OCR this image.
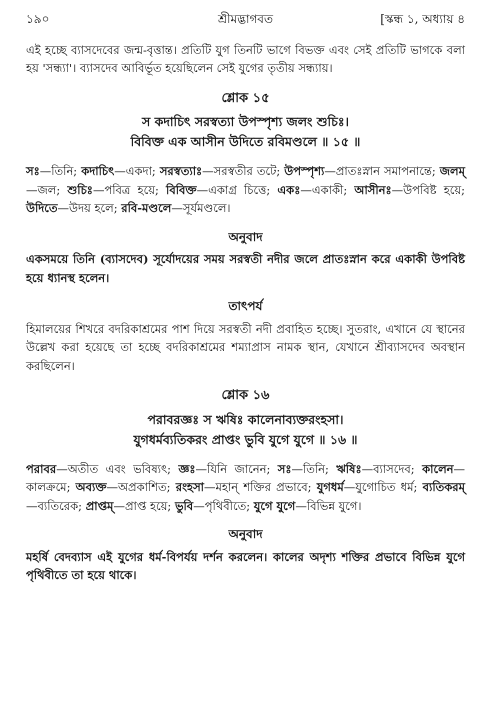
১৯০	শ্রীমদ্ভাগবত	[স্কন্ধ ১, অধ্যায় ৪

এই হচ্ছে ব্যাসদেবের জন্ম-বৃত্তান্ত। প্রতিটি যুগ তিনটি ভাগে বিভক্ত এবং সেই প্রতিটি ভাগকে বলা হয় 'সন্ধ্যা'। ব্যাসদেব আবির্ভূত হয়েছিলেন সেই যুগের তৃতীয় সন্ধ্যায়।

শ্লোক ১৫
স কদাচিৎ সরস্বত্যা উপস্পৃশ্য জলং শুচিঃ।
বিবিক্ত এক আসীন উদিতে রবিমণ্ডলে ॥ ১৫ ॥

সঃ—তিনি; কদাচিৎ—একদা; সরস্বত্যাঃ—সরস্বতীর তটে; উপস্পৃশ্য—প্রাতঃস্নান সমাপনান্তে; জলম্—জল; শুচিঃ—পবিত্র হয়ে; বিবিক্ত—একাগ্র চিত্তে; একঃ—একাকী; আসীনঃ—উপবিষ্ট হয়ে; উদিতে—উদয় হলে; রবি-মণ্ডলে—সূর্যমণ্ডলে।

অনুবাদ

একসময়ে তিনি (ব্যাসদেব) সূর্যোদয়ের সময় সরস্বতী নদীর জলে প্রাতঃস্নান করে একাকী উপবিষ্ট হয়ে ধ্যানস্থ হলেন।

তাৎপর্য

হিমালয়ের শিখরে বদরিকাশ্রমের পাশ দিয়ে সরস্বতী নদী প্রবাহিত হচ্ছে। সুতরাং, এখানে যে স্থানের উল্লেখ করা হয়েছে তা হচ্ছে বদরিকাশ্রমের শম্যাপ্রাস নামক স্থান, যেখানে শ্রীব্যাসদেব অবস্থান করছিলেন।

শ্লোক ১৬
পরাবরজ্ঞঃ স ঋষিঃ কালেনাব্যক্তরংহসা।
যুগধর্মব্যতিকরং প্রাপ্তং ভুবি যুগে যুগে ॥ ১৬ ॥

পরাবর—অতীত এবং ভবিষ্যৎ; জ্ঞঃ—যিনি জানেন; সঃ—তিনি; ঋষিঃ—ব্যাসদেব; কালেন—কালক্রমে; অব্যক্ত—অপ্রকাশিত; রংহসা—মহান্ শক্তির প্রভাবে; যুগধর্ম—যুগোচিত ধর্ম; ব্যতিকরম্—ব্যতিরেক; প্রাপ্তম্—প্রাপ্ত হয়ে; ভুবি—পৃথিবীতে; যুগে যুগে—বিভিন্ন যুগে।

অনুবাদ

মহর্ষি বেদব্যাস এই যুগের ধর্ম-বিপর্যয় দর্শন করলেন। কালের অদৃশ্য শক্তির প্রভাবে বিভিন্ন যুগে পৃথিবীতে তা হয়ে থাকে।
